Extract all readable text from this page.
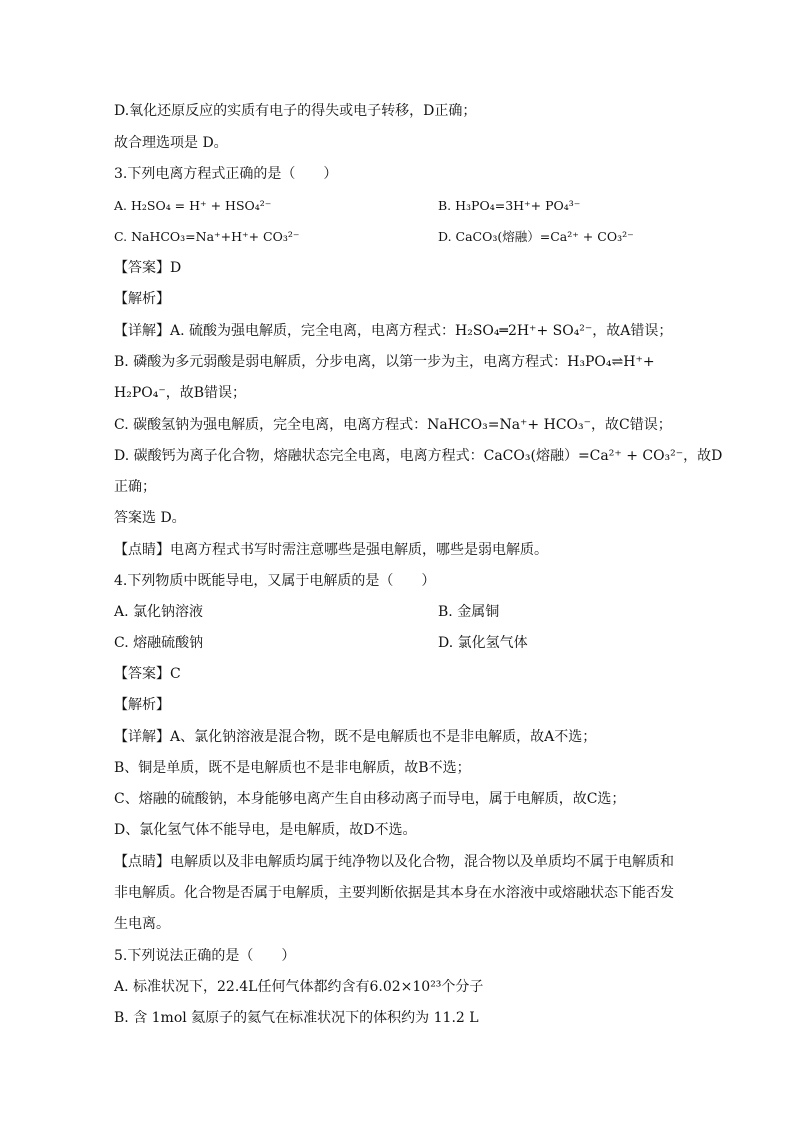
D.氧化还原反应的实质有电子的得失或电子转移，D正确；
故合理选项是 D。
3.下列电离方程式正确的是（　　）
A. H₂SO₄ = H⁺ + HSO₄²⁻	B. H₃PO₄=3H⁺+ PO₄³⁻
C. NaHCO₃=Na⁺+H⁺+ CO₃²⁻	D. CaCO₃(熔融）=Ca²⁺ + CO₃²⁻
【答案】D
【解析】
【详解】A. 硫酸为强电解质，完全电离，电离方程式：H₂SO₄═2H⁺+ SO₄²⁻，故A错误；
B. 磷酸为多元弱酸是弱电解质，分步电离，以第一步为主，电离方程式：H₃PO₄⇌H⁺+
H₂PO₄⁻，故B错误；
C. 碳酸氢钠为强电解质，完全电离，电离方程式：NaHCO₃=Na⁺+ HCO₃⁻，故C错误；
D. 碳酸钙为离子化合物，熔融状态完全电离，电离方程式：CaCO₃(熔融）=Ca²⁺ + CO₃²⁻，故D
正确；
答案选 D。
【点睛】电离方程式书写时需注意哪些是强电解质，哪些是弱电解质。
4.下列物质中既能导电，又属于电解质的是（　　）
A. 氯化钠溶液	B. 金属铜
C. 熔融硫酸钠	D. 氯化氢气体
【答案】C
【解析】
【详解】A、氯化钠溶液是混合物，既不是电解质也不是非电解质，故A不选；
B、铜是单质，既不是电解质也不是非电解质，故B不选；
C、熔融的硫酸钠，本身能够电离产生自由移动离子而导电，属于电解质，故C选；
D、氯化氢气体不能导电，是电解质，故D不选。
【点睛】电解质以及非电解质均属于纯净物以及化合物，混合物以及单质均不属于电解质和
非电解质。化合物是否属于电解质，主要判断依据是其本身在水溶液中或熔融状态下能否发
生电离。
5.下列说法正确的是（　　）
A. 标准状况下，22.4L任何气体都约含有6.02×10²³个分子
B. 含 1mol 氦原子的氦气在标准状况下的体积约为 11.2 L
